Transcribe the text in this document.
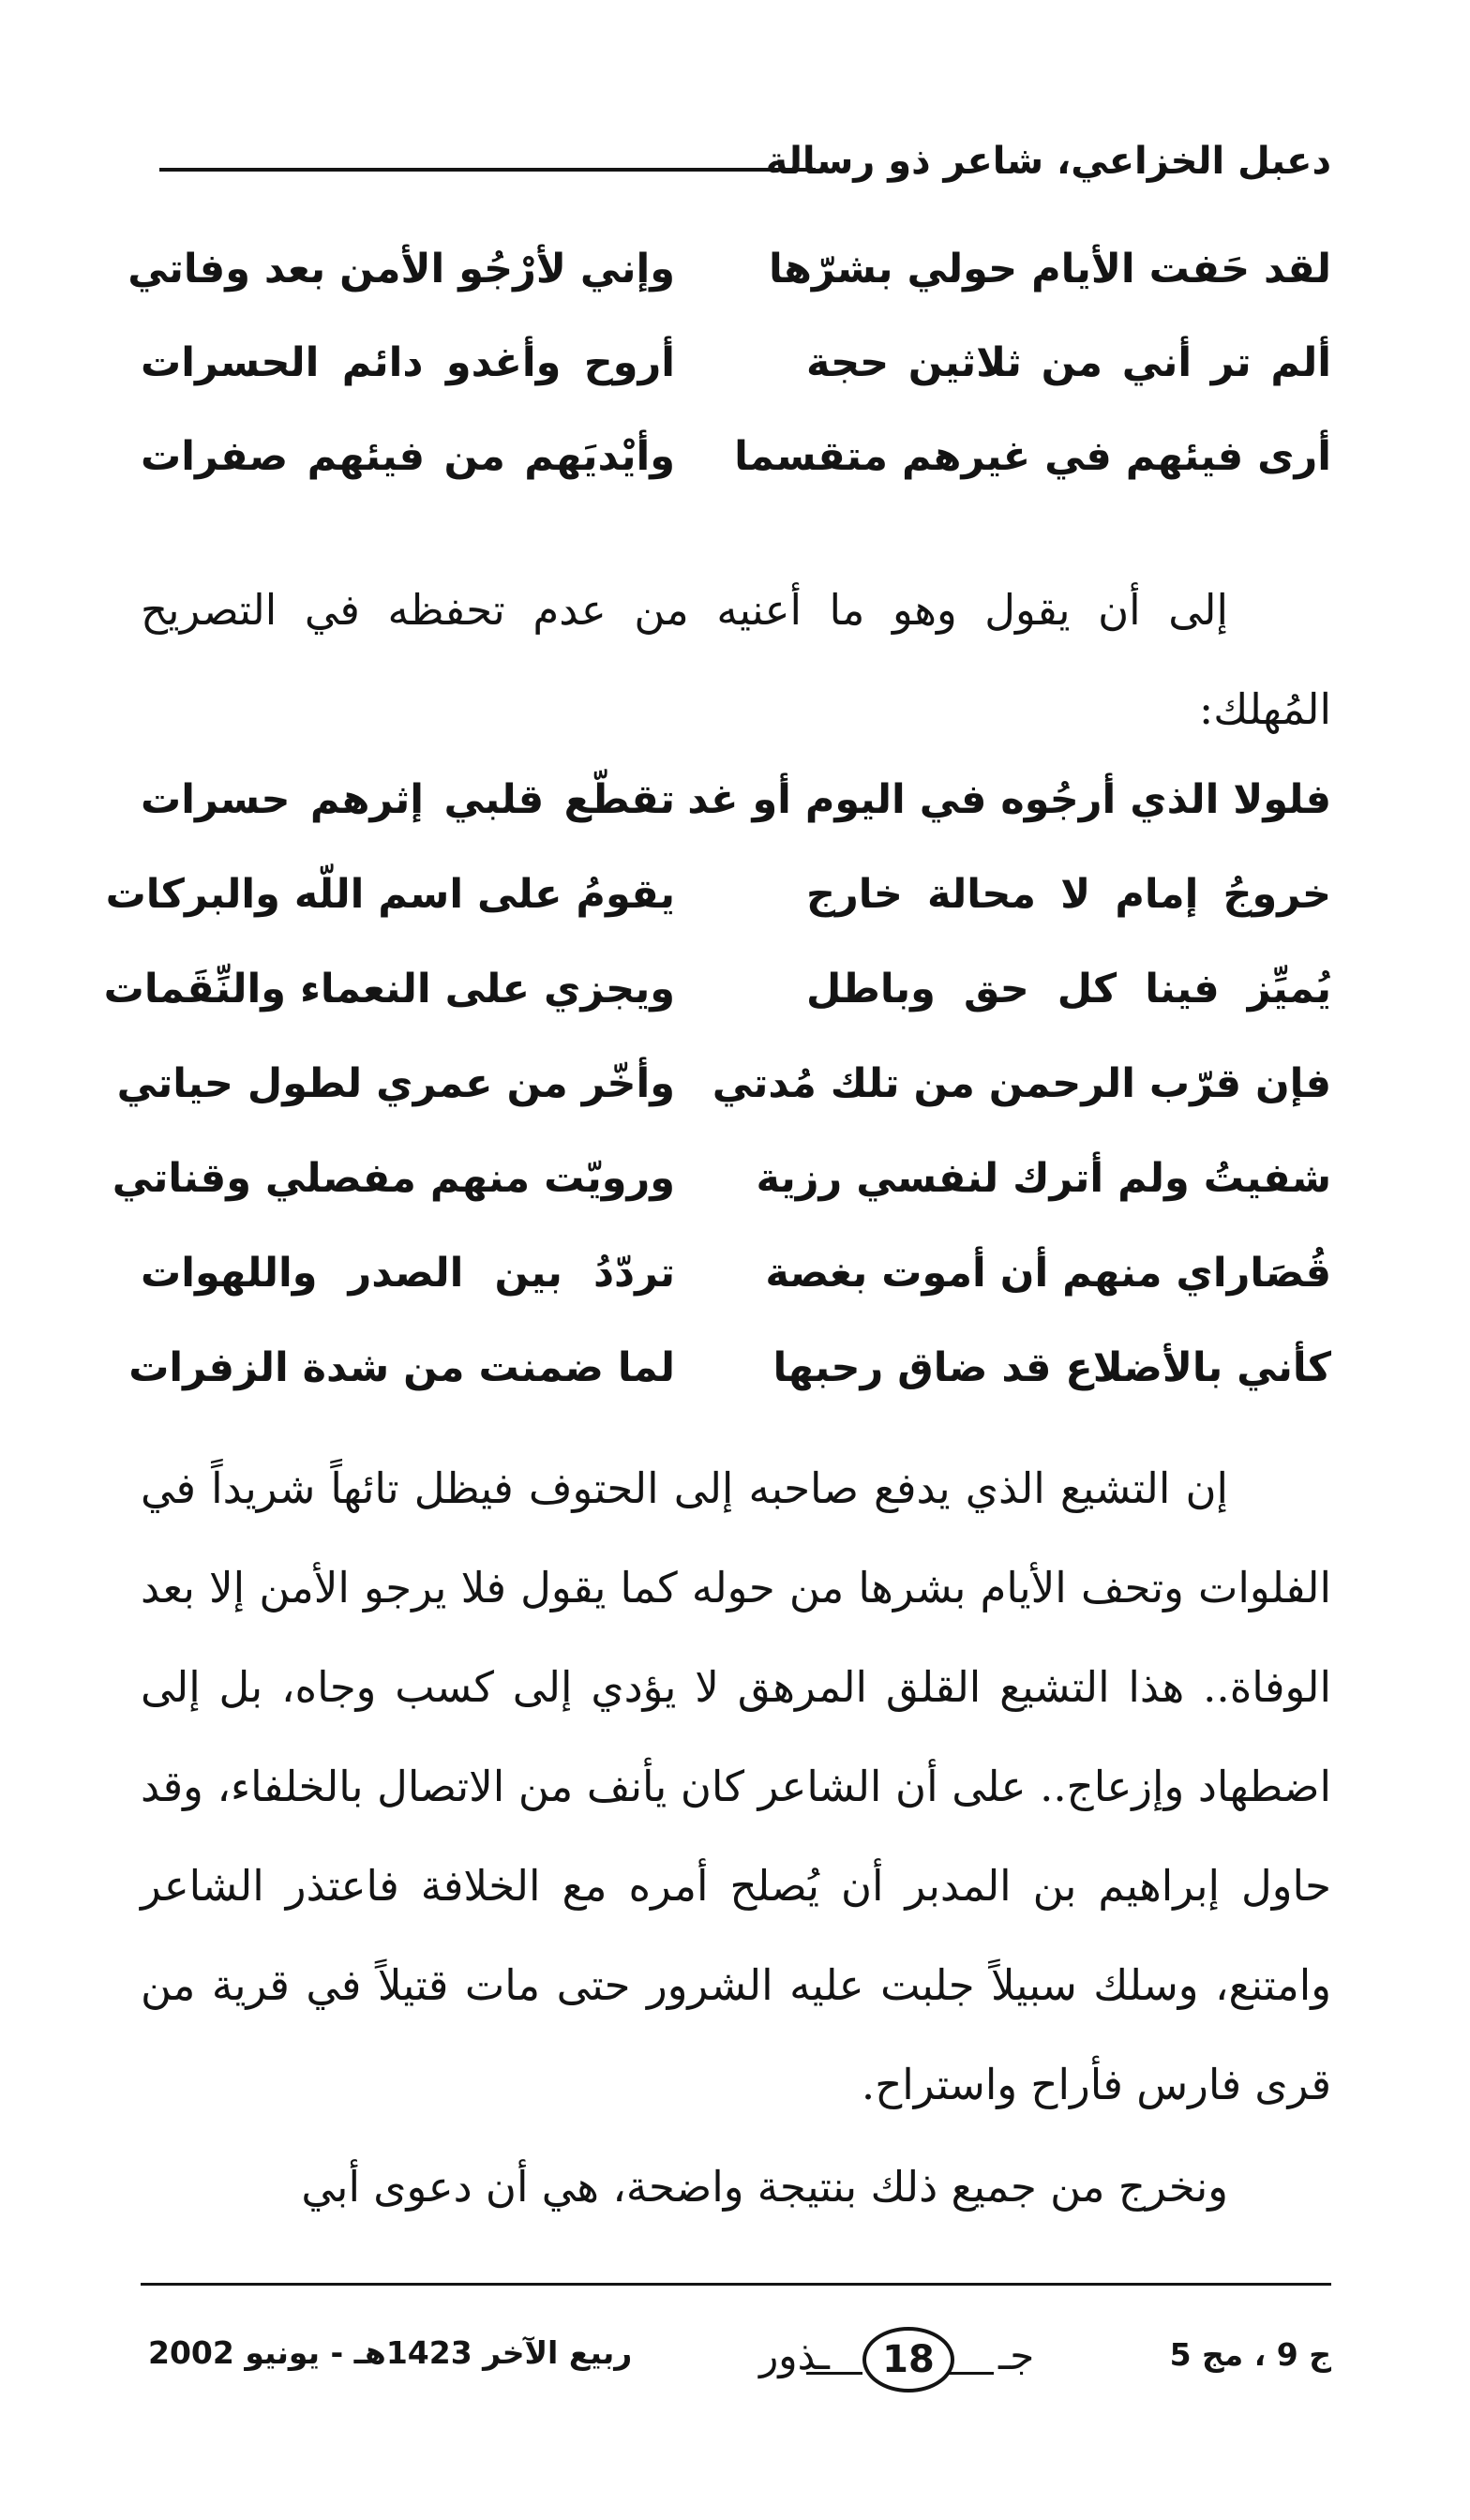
دعبل الخزاعي، شاعر ذو رسالة
لقد حَفت الأيام حولي بشرّها
وإني لأرْجُو الأمن بعد وفاتي
ألم تر أني من ثلاثين حجة
أروح وأغدو دائم الحسرات
أرى فيئهم في غيرهم متقسما
وأيْديَهم من فيئهم صفرات

إلى أن يقول وهو ما أعنيه من عدم تحفظه في التصريح المُهلك:

فلولا الذي أرجُوه في اليوم أو غد
تقطّع قلبي إثرهم حسرات
خروجُ إمام لا محالة خارج
يقومُ على اسم اللّه والبركات
يُميِّز فينا كل حق وباطل
ويجزي على النعماء والنِّقَمات
فإن قرّب الرحمن من تلك مُدتي
وأخّر من عمري لطول حياتي
شفيتُ ولم أترك لنفسي رزية
ورويّت منهم مفصلي وقناتي
قُصَاراي منهم أن أموت بغصة
تردّدُ بين الصدر واللهوات
كأني بالأضلاع قد ضاق رحبها
لما ضمنت من شدة الزفرات

إن التشيع الذي يدفع صاحبه إلى الحتوف فيظل تائهاً شريداً في الفلوات وتحف الأيام بشرها من حوله كما يقول فلا يرجو الأمن إلا بعد الوفاة.. هذا التشيع القلق المرهق لا يؤدي إلى كسب وجاه، بل إلى اضطهاد وإزعاج.. على أن الشاعر كان يأنف من الاتصال بالخلفاء، وقد حاول إبراهيم بن المدبر أن يُصلح أمره مع الخلافة فاعتذر الشاعر وامتنع، وسلك سبيلاً جلبت عليه الشرور حتى مات قتيلاً في قرية من قرى فارس فأراح واستراح.

ونخرج من جميع ذلك بنتيجة واضحة، هي أن دعوى أبي

ربيع الآخر 1423هـ - يونيو 2002	ـذور 18 جـ	ج 9 ، مج 5
